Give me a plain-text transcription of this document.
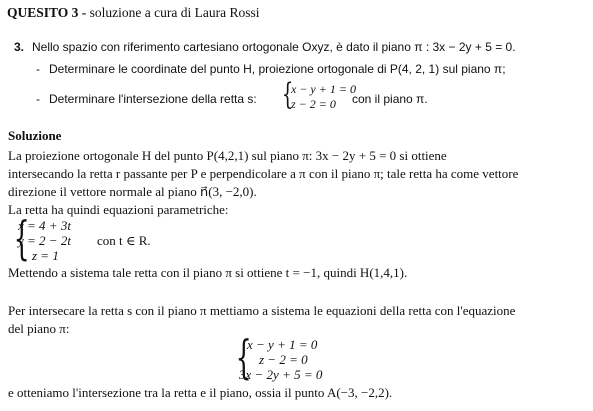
QUESITO 3 - soluzione a cura di Laura Rossi
3. Nello spazio con riferimento cartesiano ortogonale Oxyz, è dato il piano π : 3x − 2y + 5 = 0.
- Determinare le coordinate del punto H, proiezione ortogonale di P(4, 2, 1) sul piano π;
- Determinare l'intersezione della retta s: {
x − y + 1 = 0
z − 2 = 0 con il piano π.
Soluzione
La proiezione ortogonale H del punto P(4,2,1) sul piano π: 3x − 2y + 5 = 0 si ottiene
intersecando la retta r passante per P e perpendicolare a π con il piano π; tale retta ha come vettore
direzione il vettore normale al piano n⃗(3, −2,0).
La retta ha quindi equazioni parametriche:
{
x = 4 + 3t
y = 2 − 2t
z = 1
con t ∈ R.
Mettendo a sistema tale retta con il piano π si ottiene t = −1, quindi H(1,4,1).
Per intersecare la retta s con il piano π mettiamo a sistema le equazioni della retta con l'equazione
del piano π:
{
x − y + 1 = 0
z − 2 = 0
3x − 2y + 5 = 0
e otteniamo l'intersezione tra la retta e il piano, ossia il punto A(−3, −2,2).
